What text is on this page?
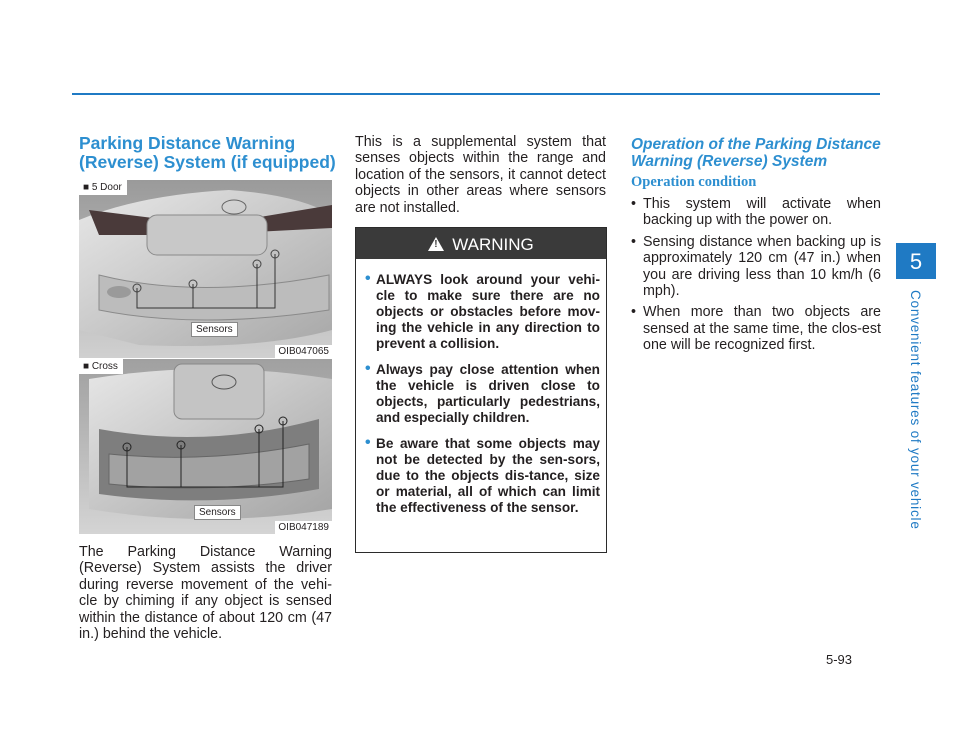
5
Convenient features of your vehicle
Parking Distance Warning
(Reverse) System (if equipped)
■ 5 Door
Sensors
OIB047065
■ Cross
Sensors
OIB047189
The Parking Distance Warning (Reverse) System assists the driver during reverse movement of the vehi-cle by chiming if any object is sensed within the distance of about 120 cm (47 in.) behind the vehicle.
This is a supplemental system that senses objects within the range and location of the sensors, it cannot detect objects in other areas where sensors are not installed.
!WARNING
• ALWAYS look around your vehi-cle to make sure there are no objects or obstacles before mov-ing the vehicle in any direction to prevent a collision.
• Always pay close attention when the vehicle is driven close to objects, particularly pedestrians, and especially children.
• Be aware that some objects may not be detected by the sen-sors, due to the objects dis-tance, size or material, all of which can limit the effectiveness of the sensor.
Operation of the Parking Distance
Warning (Reverse) System
Operation condition
• This system will activate when backing up with the power on.
• Sensing distance when backing up is approximately 120 cm (47 in.) when you are driving less than 10 km/h (6 mph).
• When more than two objects are sensed at the same time, the clos-est one will be recognized first.
5-93
